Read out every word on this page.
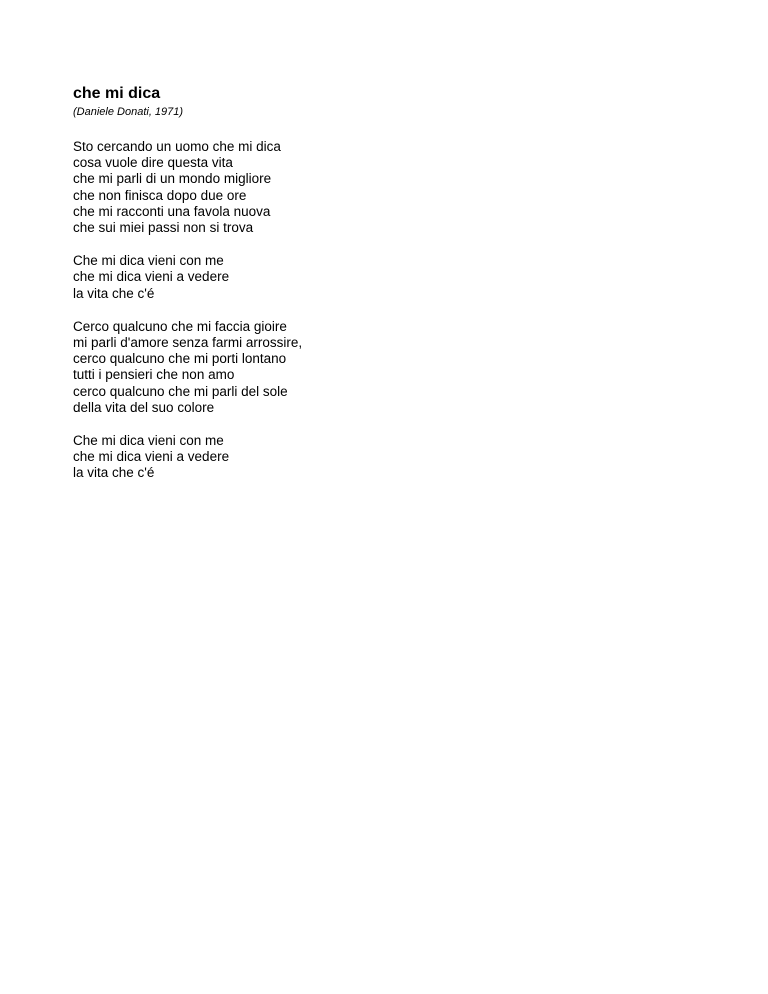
che mi dica

(Daniele Donati, 1971)

Sto cercando un uomo che mi dica
cosa vuole dire questa vita
che mi parli di un mondo migliore
che non finisca dopo due ore
che mi racconti una favola nuova
che sui miei passi non si trova
Che mi dica vieni con me
che mi dica vieni a vedere
la vita che c'é
Cerco qualcuno che mi faccia gioire
mi parli d'amore senza farmi arrossire,
cerco qualcuno che mi porti lontano
tutti i pensieri che non amo
cerco qualcuno che mi parli del sole
della vita del suo colore
Che mi dica vieni con me
che mi dica vieni a vedere
la vita che c'é
